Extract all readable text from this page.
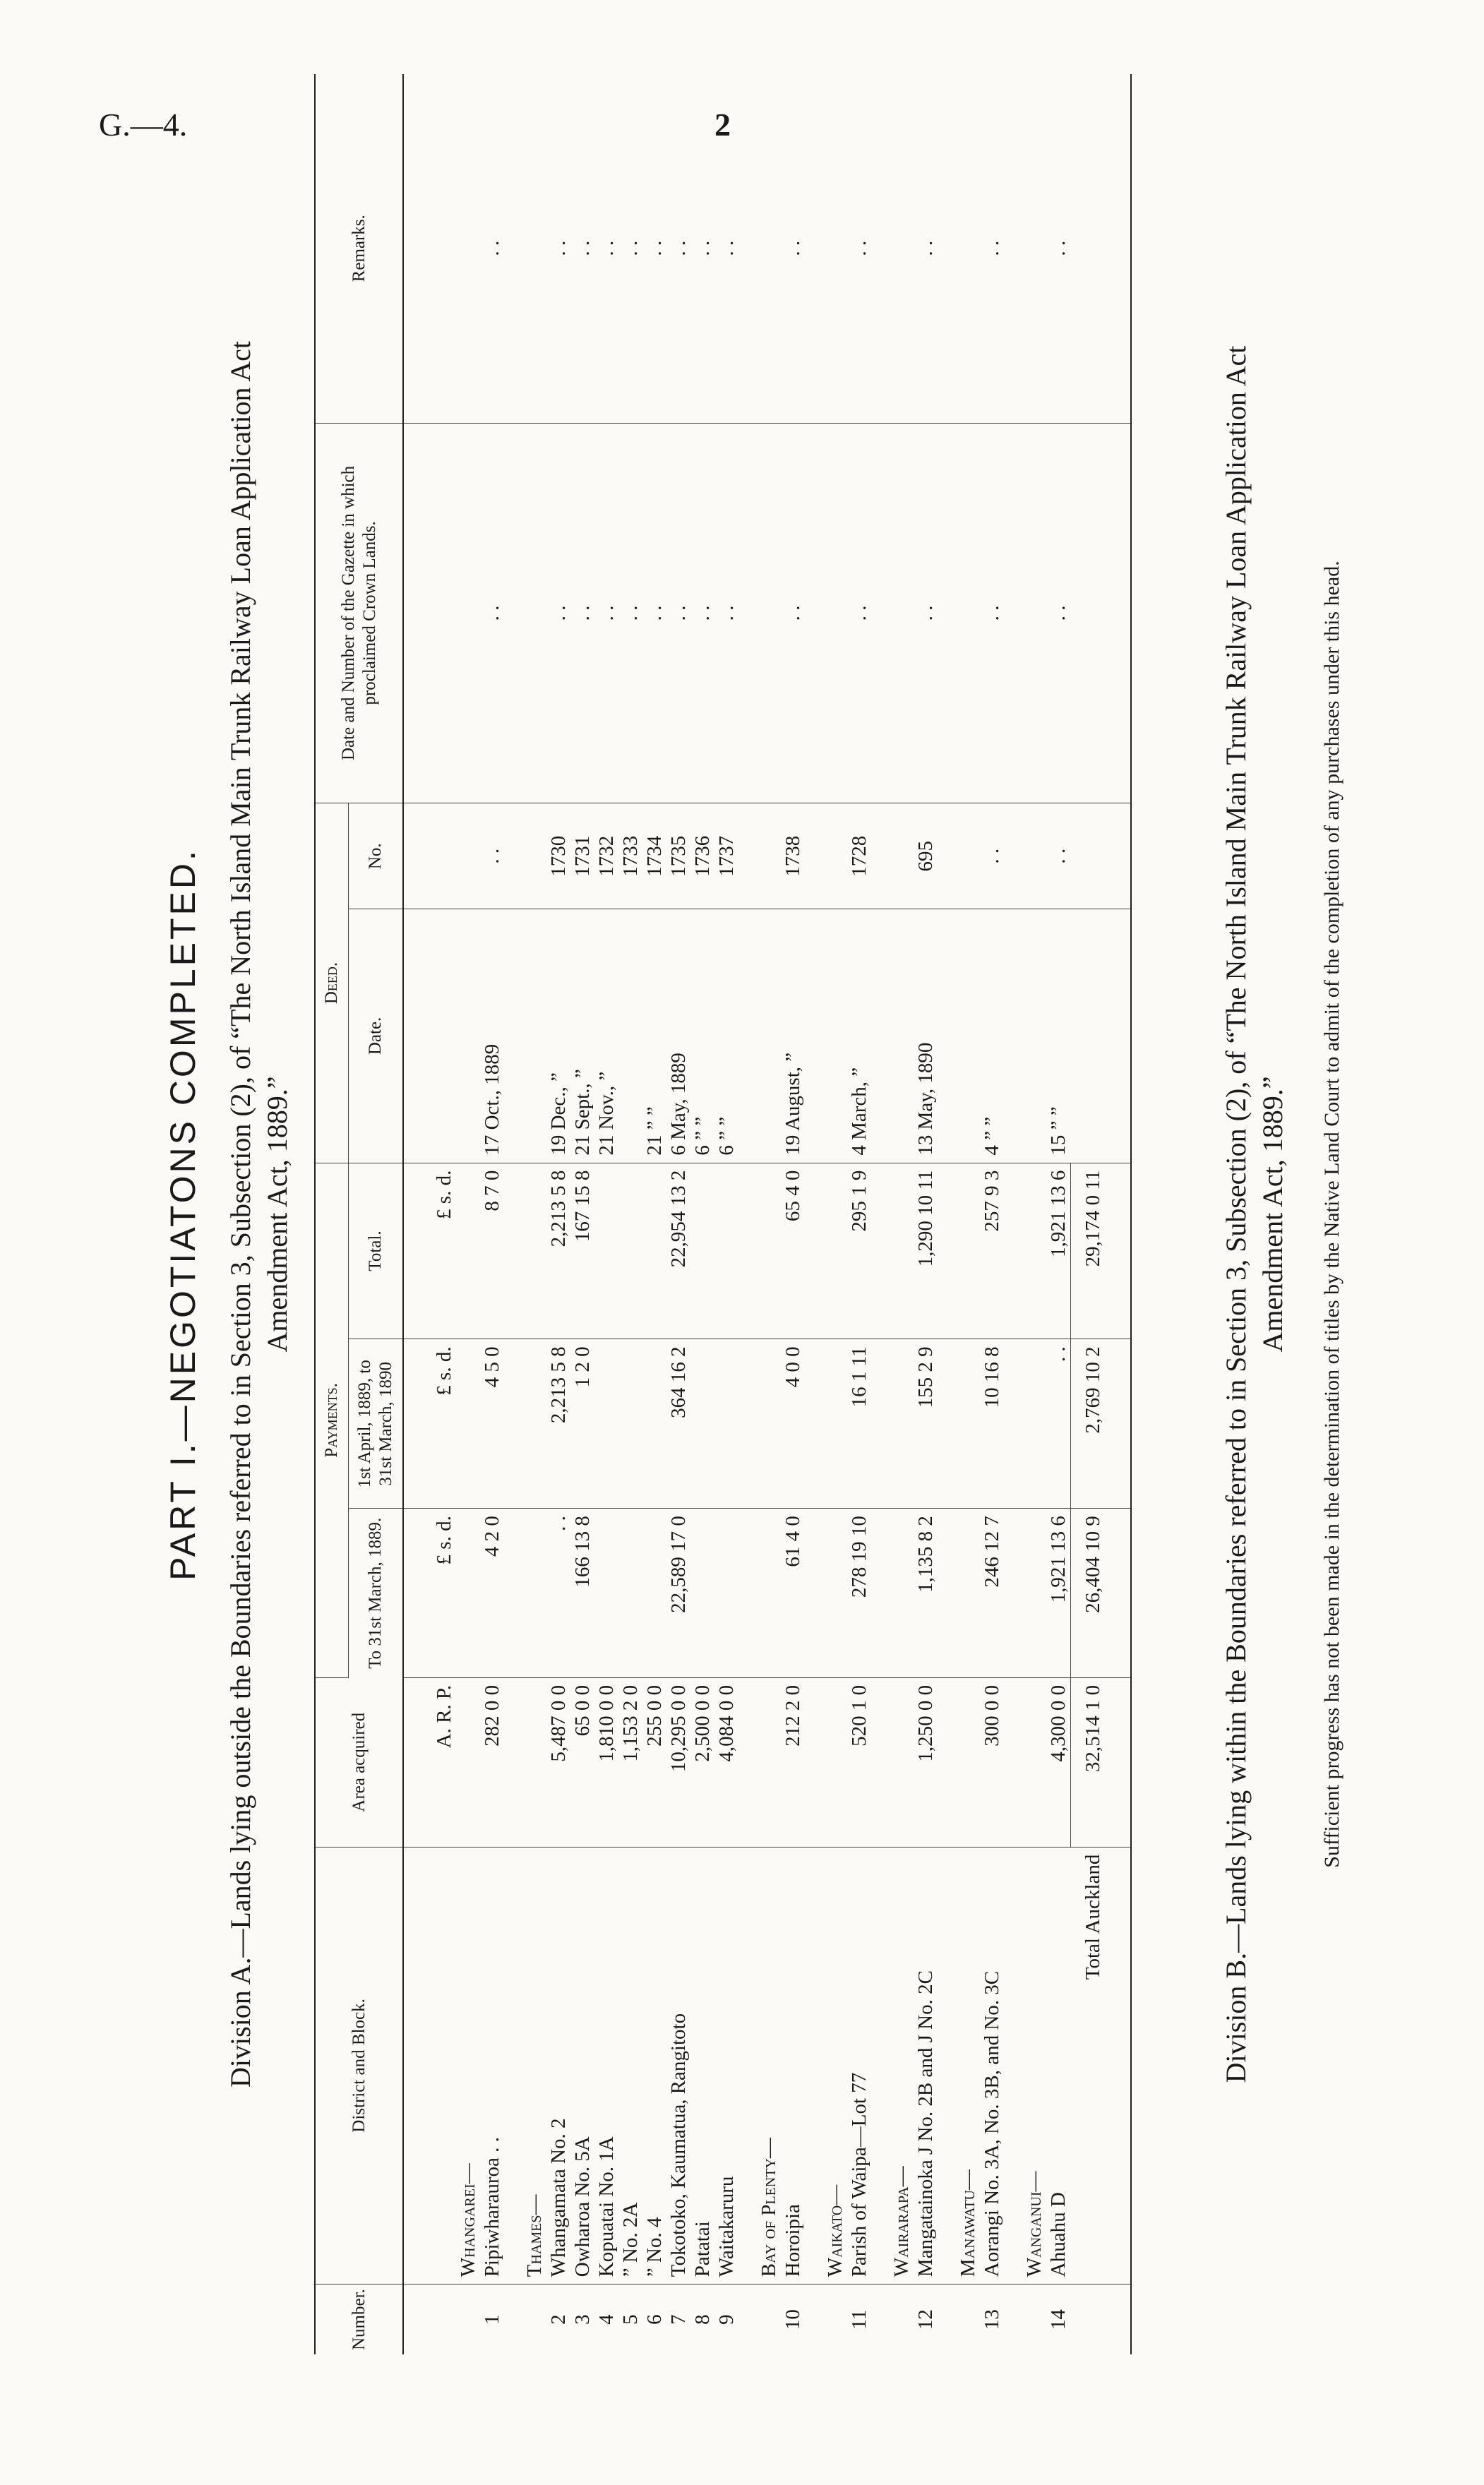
G.—4.	2
PART I.—NEGOTIATONS COMPLETED. Division A.—Lands lying outside the Boundaries referred to in Section 3, Subsection (2), of “The North Island Main Trunk Railway Loan Application Act Amendment Act, 1889.”
Number.	District and Block.	Area acquired	Payments.			Deed.		Date and Number of the Gazette in which proclaimed Crown Lands.	Remarks.
			To 31st March, 1889.	1st April, 1889, to 31st March, 1890	Total.	Date.	No.		
		A. R. P.	£ s. d.	£ s. d.	£ s. d.				
	Whangarei—								
1	Pipiwharauroa . .	282 0 0	4 2 0	4 5 0	8 7 0	17 Oct., 1889	. .	. .	. .
	Thames—								
2	Whangamata No. 2	5,487 0 0	. .	2,213 5 8	2,213 5 8	19 Dec., ”	1730	. .	. .
3	Owharoa No. 5A	65 0 0	166 13 8	1 2 0	167 15 8	21 Sept., ”	1731	. .	. .
4	Kopuatai No. 1A	1,810 0 0				21 Nov., ”	1732	. .	. .
5	” No. 2A	1,153 2 0					1733	. .	. .
6	” No. 4	255 0 0				21 ” ”	1734	. .	. .
7	Tokotoko, Kaumatua, Rangitoto	10,295 0 0	22,589 17 0	364 16 2	22,954 13 2	6 May, 1889	1735	. .	. .
8	Patatai	2,500 0 0				6 ” ”	1736	. .	. .
9	Waitakaruru	4,084 0 0				6 ” ”	1737	. .	. .
	Bay of Plenty—								
10	Horoipia	212 2 0	61 4 0	4 0 0	65 4 0	19 August, ”	1738	. .	. .
	Waikato—								
11	Parish of Waipa—Lot 77	520 1 0	278 19 10	16 1 11	295 1 9	4 March, ”	1728	. .	. .
	Wairarapa—								
12	Mangatainoka J No. 2B and J No. 2C	1,250 0 0	1,135 8 2	155 2 9	1,290 10 11	13 May, 1890	695	. .	. .
	Manawatu—								
13	Aorangi No. 3A, No. 3B, and No. 3C	300 0 0	246 12 7	10 16 8	257 9 3	4 ” ”	. .	. .	. .
	Wanganui—								
14	Ahuahu D	4,300 0 0	1,921 13 6	. .	1,921 13 6	15 ” ”	. .	. .	. .
	Total Auckland	32,514 1 0	26,404 10 9	2,769 10 2	29,174 0 11					Division B.—Lands lying within the Boundaries referred to in Section 3, Subsection (2), of “The North Island Main Trunk Railway Loan Application Act Amendment Act, 1889.” Sufficient progress has not been made in the determination of titles by the Native Land Court to admit of the completion of any purchases under this head.
